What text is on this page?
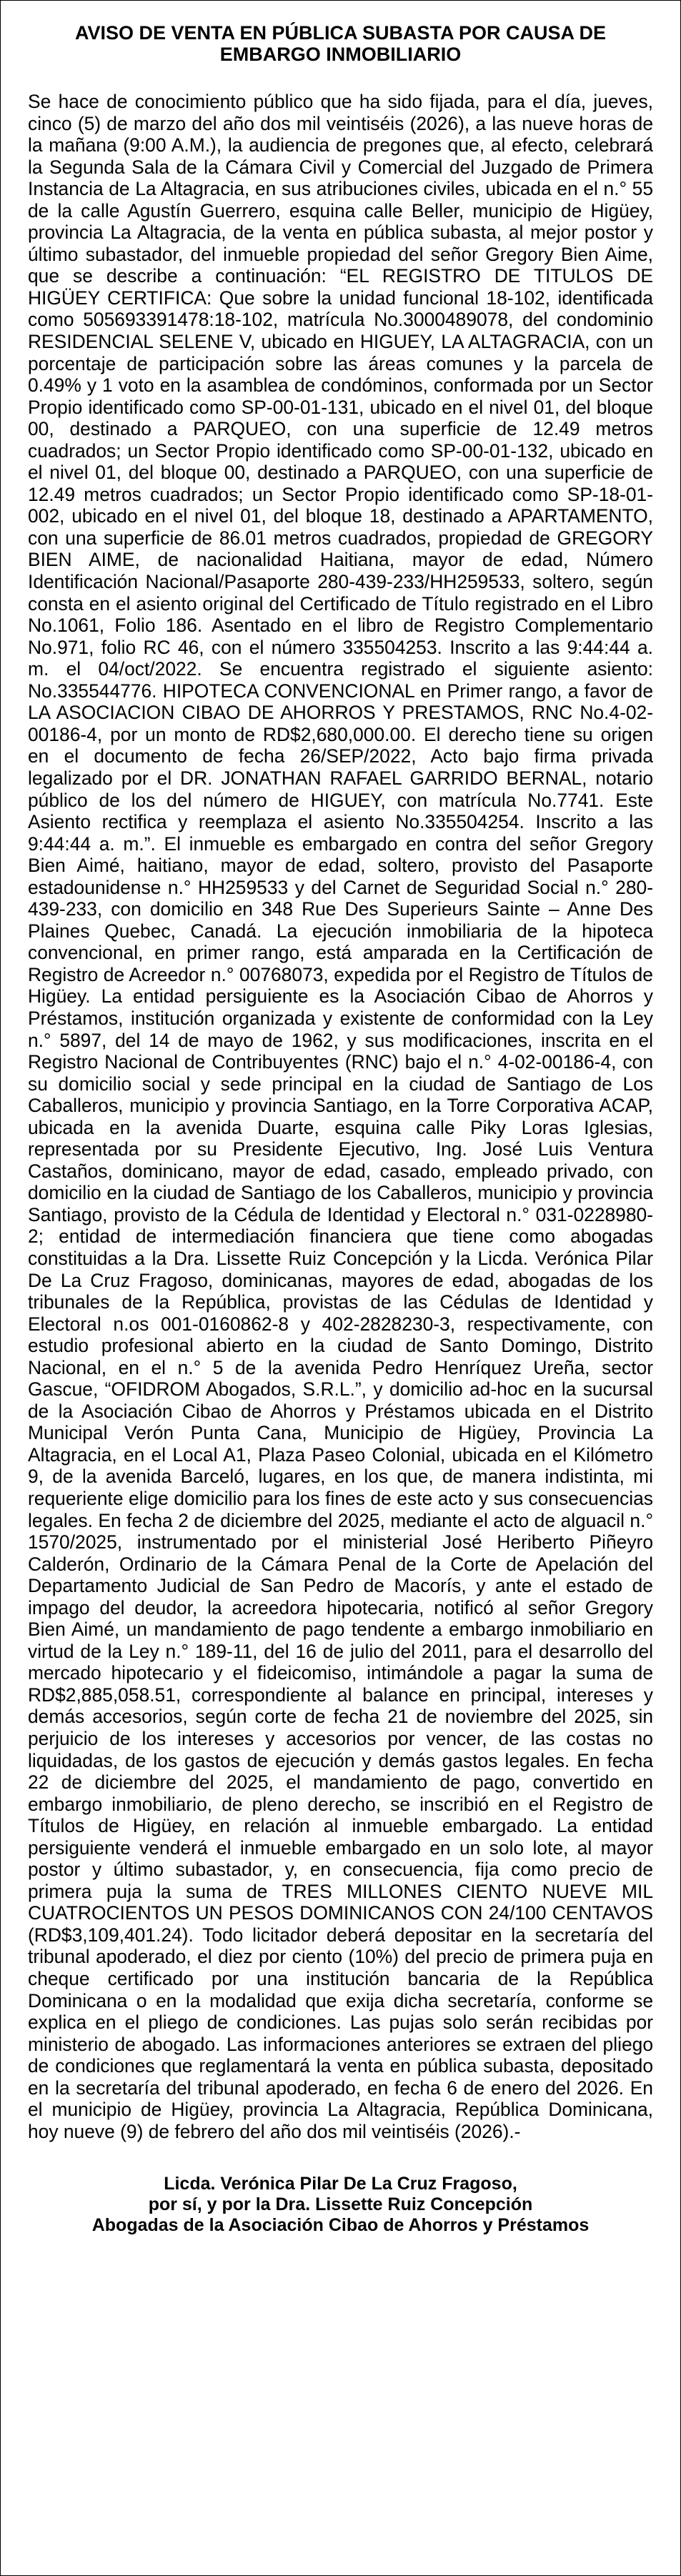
AVISO DE VENTA EN PÚBLICA SUBASTA POR CAUSA DE
EMBARGO INMOBILIARIO

Se hace de conocimiento público que ha sido fijada, para el día, jueves, cinco (5) de marzo del año dos mil veintiséis (2026), a las nueve horas de la mañana (9:00 A.M.), la audiencia de pregones que, al efecto, celebrará la Segunda Sala de la Cámara Civil y Comercial del Juzgado de Primera Instancia de La Altagracia, en sus atribuciones civiles, ubicada en el n.° 55 de la calle Agustín Guerrero, esquina calle Beller, municipio de Higüey, provincia La Altagracia, de la venta en pública subasta, al mejor postor y último subastador, del inmueble propiedad del señor Gregory Bien Aime, que se describe a continuación: “EL REGISTRO DE TITULOS DE HIGÜEY CERTIFICA: Que sobre la unidad funcional 18-102, identificada como 505693391478:18-102, matrícula No.3000489078, del condominio RESIDENCIAL SELENE V, ubicado en HIGUEY, LA ALTAGRACIA, con un porcentaje de participación sobre las áreas comunes y la parcela de 0.49% y 1 voto en la asamblea de condóminos, conformada por un Sector Propio identificado como SP-00-01-131, ubicado en el nivel 01, del bloque 00, destinado a PARQUEO, con una superficie de 12.49 metros cuadrados; un Sector Propio identificado como SP-00-01-132, ubicado en el nivel 01, del bloque 00, destinado a PARQUEO, con una superficie de 12.49 metros cuadrados; un Sector Propio identificado como SP-18-01-002, ubicado en el nivel 01, del bloque 18, destinado a APARTAMENTO, con una superficie de 86.01 metros cuadrados, propiedad de GREGORY BIEN AIME, de nacionalidad Haitiana, mayor de edad, Número Identificación Nacional/Pasaporte 280-439-233/HH259533, soltero, según consta en el asiento original del Certificado de Título registrado en el Libro No.1061, Folio 186. Asentado en el libro de Registro Complementario No.971, folio RC 46, con el número 335504253. Inscrito a las 9:44:44 a. m. el 04/oct/2022. Se encuentra registrado el siguiente asiento: No.335544776. HIPOTECA CONVENCIONAL en Primer rango, a favor de LA ASOCIACION CIBAO DE AHORROS Y PRESTAMOS, RNC No.4-02-00186-4, por un monto de RD$2,680,000.00. El derecho tiene su origen en el documento de fecha 26/SEP/2022, Acto bajo firma privada legalizado por el DR. JONATHAN RAFAEL GARRIDO BERNAL, notario público de los del número de HIGUEY, con matrícula No.7741. Este Asiento rectifica y reemplaza el asiento No.335504254. Inscrito a las 9:44:44 a. m.”. El inmueble es embargado en contra del señor Gregory Bien Aimé, haitiano, mayor de edad, soltero, provisto del Pasaporte estadounidense n.° HH259533 y del Carnet de Seguridad Social n.° 280-439-233, con domicilio en 348 Rue Des Superieurs Sainte – Anne Des Plaines Quebec, Canadá. La ejecución inmobiliaria de la hipoteca convencional, en primer rango, está amparada en la Certificación de Registro de Acreedor n.° 00768073, expedida por el Registro de Títulos de Higüey. La entidad persiguiente es la Asociación Cibao de Ahorros y Préstamos, institución organizada y existente de conformidad con la Ley n.° 5897, del 14 de mayo de 1962, y sus modificaciones, inscrita en el Registro Nacional de Contribuyentes (RNC) bajo el n.° 4-02-00186-4, con su domicilio social y sede principal en la ciudad de Santiago de Los Caballeros, municipio y provincia Santiago, en la Torre Corporativa ACAP, ubicada en la avenida Duarte, esquina calle Piky Loras Iglesias, representada por su Presidente Ejecutivo, Ing. José Luis Ventura Castaños, dominicano, mayor de edad, casado, empleado privado, con domicilio en la ciudad de Santiago de los Caballeros, municipio y provincia Santiago, provisto de la Cédula de Identidad y Electoral n.° 031-0228980-2; entidad de intermediación financiera que tiene como abogadas constituidas a la Dra. Lissette Ruiz Concepción y la Licda. Verónica Pilar De La Cruz Fragoso, dominicanas, mayores de edad, abogadas de los tribunales de la República, provistas de las Cédulas de Identidad y Electoral n.os 001-0160862-8 y 402-2828230-3, respectivamente, con estudio profesional abierto en la ciudad de Santo Domingo, Distrito Nacional, en el n.° 5 de la avenida Pedro Henríquez Ureña, sector Gascue, “OFIDROM Abogados, S.R.L.”, y domicilio ad-hoc en la sucursal de la Asociación Cibao de Ahorros y Préstamos ubicada en el Distrito Municipal Verón Punta Cana, Municipio de Higüey, Provincia La Altagracia, en el Local A1, Plaza Paseo Colonial, ubicada en el Kilómetro 9, de la avenida Barceló, lugares, en los que, de manera indistinta, mi requeriente elige domicilio para los fines de este acto y sus consecuencias legales. En fecha 2 de diciembre del 2025, mediante el acto de alguacil n.° 1570/2025, instrumentado por el ministerial José Heriberto Piñeyro Calderón, Ordinario de la Cámara Penal de la Corte de Apelación del Departamento Judicial de San Pedro de Macorís, y ante el estado de impago del deudor, la acreedora hipotecaria, notificó al señor Gregory Bien Aimé, un mandamiento de pago tendente a embargo inmobiliario en virtud de la Ley n.° 189-11, del 16 de julio del 2011, para el desarrollo del mercado hipotecario y el fideicomiso, intimándole a pagar la suma de RD$2,885,058.51, correspondiente al balance en principal, intereses y demás accesorios, según corte de fecha 21 de noviembre del 2025, sin perjuicio de los intereses y accesorios por vencer, de las costas no liquidadas, de los gastos de ejecución y demás gastos legales. En fecha 22 de diciembre del 2025, el mandamiento de pago, convertido en embargo inmobiliario, de pleno derecho, se inscribió en el Registro de Títulos de Higüey, en relación al inmueble embargado. La entidad persiguiente venderá el inmueble embargado en un solo lote, al mayor postor y último subastador, y, en consecuencia, fija como precio de primera puja la suma de TRES MILLONES CIENTO NUEVE MIL CUATROCIENTOS UN PESOS DOMINICANOS CON 24/100 CENTAVOS (RD$3,109,401.24). Todo licitador deberá depositar en la secretaría del tribunal apoderado, el diez por ciento (10%) del precio de primera puja en cheque certificado por una institución bancaria de la República Dominicana o en la modalidad que exija dicha secretaría, conforme se explica en el pliego de condiciones. Las pujas solo serán recibidas por ministerio de abogado. Las informaciones anteriores se extraen del pliego de condiciones que reglamentará la venta en pública subasta, depositado en la secretaría del tribunal apoderado, en fecha 6 de enero del 2026. En el municipio de Higüey, provincia La Altagracia, República Dominicana, hoy nueve (9) de febrero del año dos mil veintiséis (2026).-

Licda. Verónica Pilar De La Cruz Fragoso,
por sí, y por la Dra. Lissette Ruiz Concepción
Abogadas de la Asociación Cibao de Ahorros y Préstamos
